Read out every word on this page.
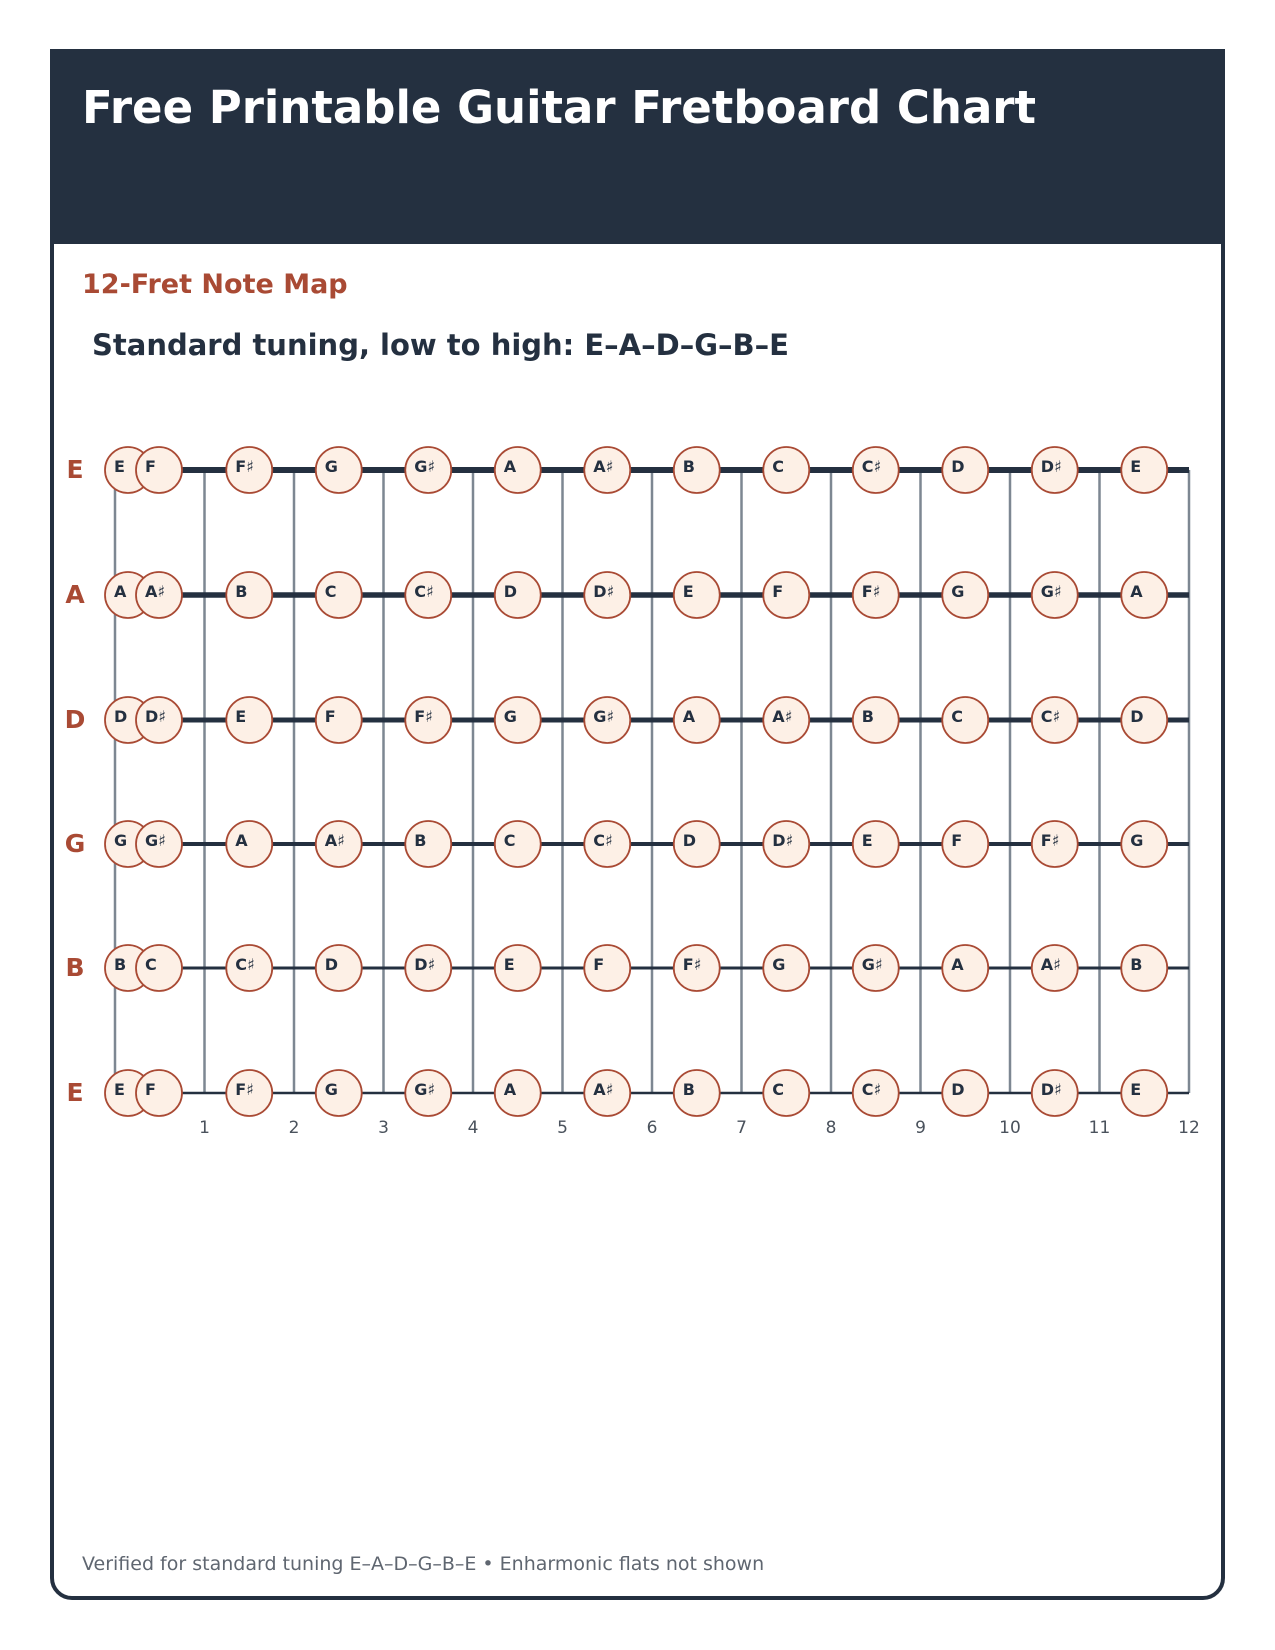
Free Printable Guitar Fretboard Chart
12-Fret Note Map

Standard tuning, low to high: E–A–D–G–B–E

Verified for standard tuning E–A–D–G–B–E • Enharmonic flats not shown

E
A
D
G
B
E
1	2	3	4	5	6	7	8	9	10	11	12
E F	F♯	G	G♯	A	A♯	B	C	C♯	D	D♯	E
A A♯	B	C	C♯	D	D♯	E	F	F♯	G	G♯	A
D D♯	E	F	F♯	G	G♯	A	A♯	B	C	C♯	D
G G♯	A	A♯	B	C	C♯	D	D♯	E	F	F♯	G
B C	C♯	D	D♯	E	F	F♯	G	G♯	A	A♯	B
E F	F♯	G	G♯	A	A♯	B	C	C♯	D	D♯	E
